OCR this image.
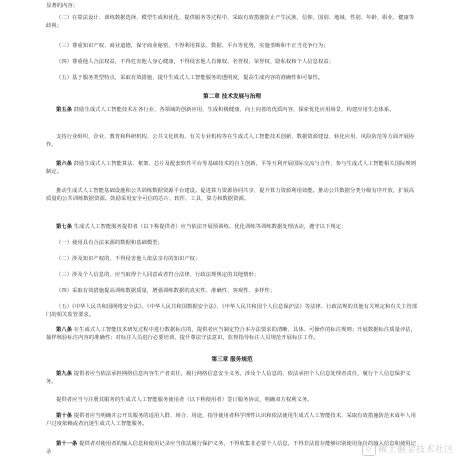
显著的内容；

（二）在算法设计、训练数据选择、模型生成和优化、提供服务等过程中，采取有效措施防止产生民族、信仰、国别、地域、性别、年龄、职业、健康等歧视；

（三）尊重知识产权、商业道德，保守商业秘密，不得利用算法、数据、平台等优势，实施垄断和不正当竞争行为；

（四）尊重他人合法权益，不得危害他人身心健康，不得侵害他人肖像权、名誉权、荣誉权、隐私权和个人信息权益；

（五）基于服务类型特点，采取有效措施，提升生成式人工智能服务的透明度，提高生成内容的准确性和可靠性。

第二章 技术发展与治理

第五条 鼓励生成式人工智能技术在各行业、各领域的创新应用，生成积极健康、向上向善的优质内容，探索优化应用场景，构建应用生态体系。

支持行业组织、企业、教育和科研机构、公共文化机构、有关专业机构等在生成式人工智能技术创新、数据资源建设、转化应用、风险防范等方面开展协作。

第六条 鼓励生成式人工智能算法、框架、芯片及配套软件平台等基础技术的自主创新，平等互利开展国际交流与合作，参与生成式人工智能相关国际规则制定。

推动生成式人工智能基础设施和公共训练数据资源平台建设。促进算力资源协同共享，提升算力资源利用效能。推动公共数据分类分级有序开放，扩展高质量的公共训练数据资源。鼓励采用安全可信的芯片、软件、工具、算力和数据资源。

第七条 生成式人工智能服务提供者（以下称提供者）应当依法开展预训练、优化训练等训练数据处理活动，遵守以下规定：

（一）使用具有合法来源的数据和基础模型；

（二）涉及知识产权的，不得侵害他人依法享有的知识产权；

（三）涉及个人信息的，应当取得个人同意或者符合法律、行政法规规定的其他情形；

（四）采取有效措施提高训练数据质量，增强训练数据的真实性、准确性、客观性、多样性；

（五）《中华人民共和国网络安全法》、《中华人民共和国数据安全法》、《中华人民共和国个人信息保护法》等法律、行政法规的其他有关规定和有关主管部门的相关监管要求。

第八条 在生成式人工智能技术研发过程中进行数据标注的，提供者应当制定符合本办法要求的清晰、具体、可操作的标注规则；开展数据标注质量评估，抽样核验标注内容的准确性；对标注人员进行必要培训，提升尊法守法意识，监督指导标注人员规范开展标注工作。

第三章 服务规范

第九条 提供者应当依法承担网络信息内容生产者责任，履行网络信息安全义务。涉及个人信息的，依法承担个人信息处理者责任，履行个人信息保护义务。

提供者应当与注册其服务的生成式人工智能服务使用者（以下称使用者）签订服务协议，明确双方权利义务。

第十条 提供者应当明确并公开其服务的适用人群、场合、用途，指导使用者科学理性认识和依法使用生成式人工智能技术，采取有效措施防范未成年人用户过度依赖或者沉迷生成式人工智能服务。

第十一条 提供者对使用者的输入信息和使用记录应当依法履行保护义务，不得收集非必要个人信息，不得非法留存能够识别使用身份的输入信息和使用记录	◇ 稀土掘金技术社区
